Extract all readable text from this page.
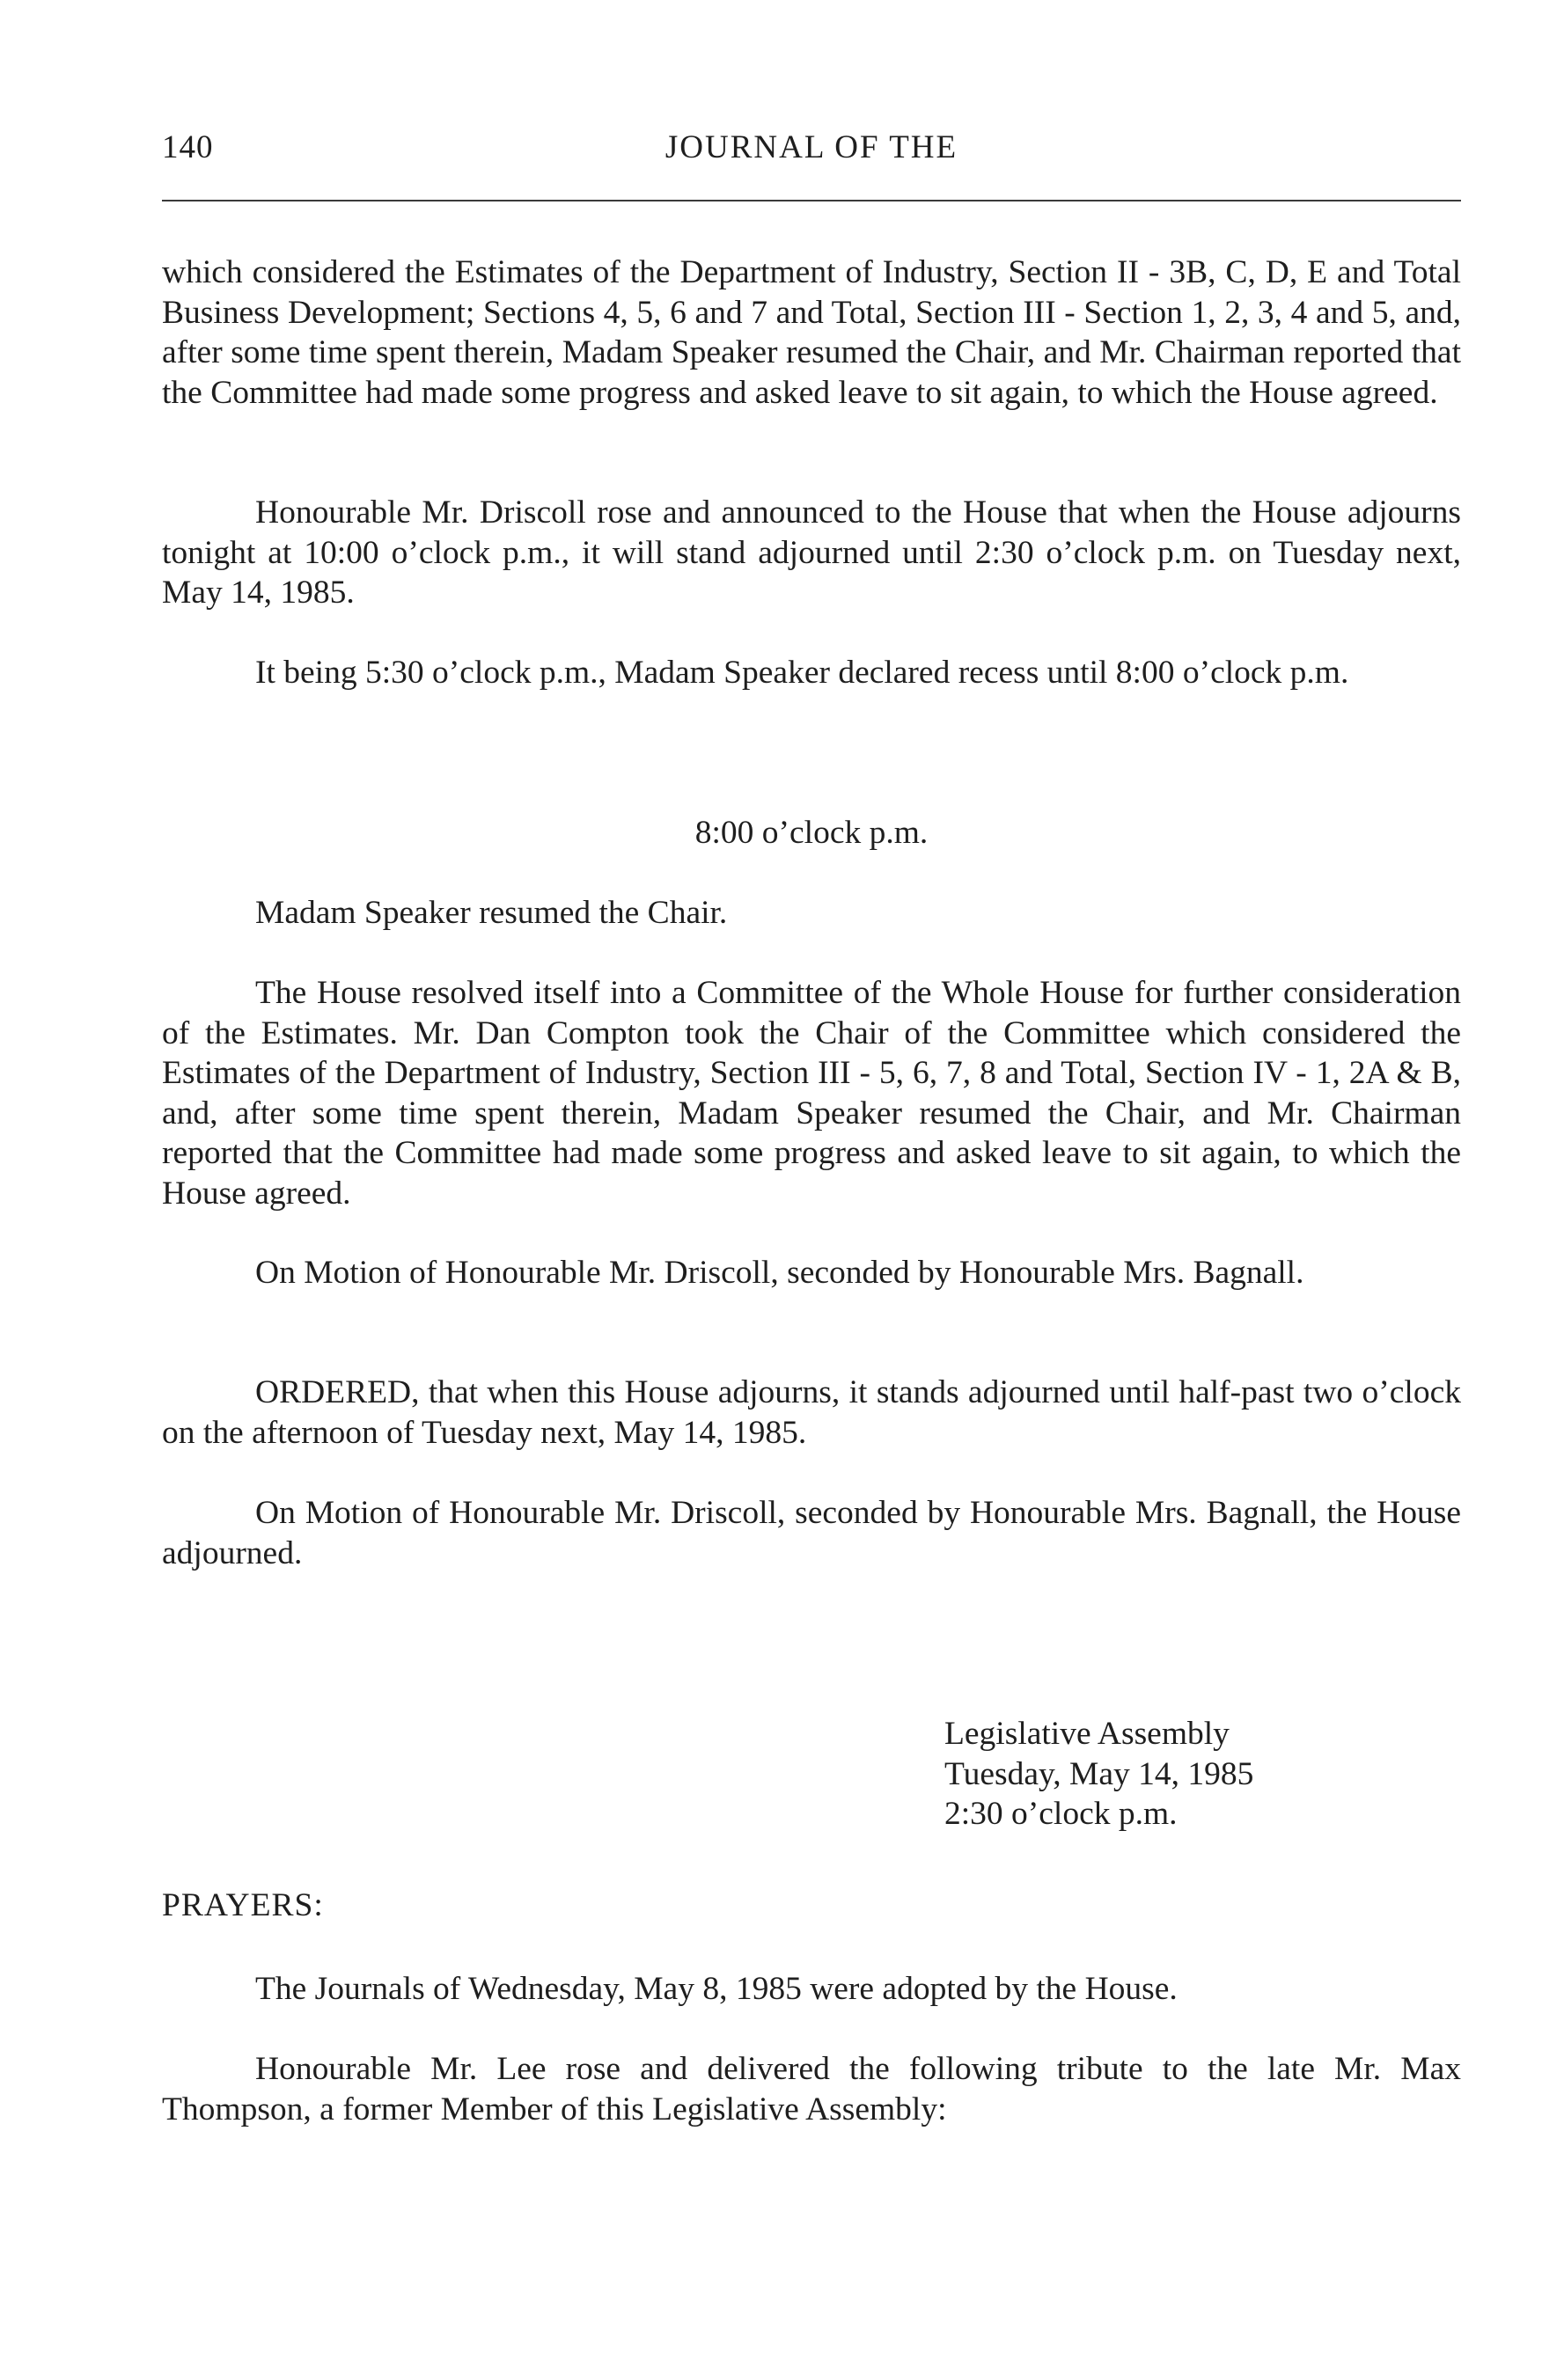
140	JOURNAL OF THE

which considered the Estimates of the Department of Industry, Section II - 3B, C, D, E and Total Business Development; Sections 4, 5, 6 and 7 and Total, Section III - Section 1, 2, 3, 4 and 5, and, after some time spent therein, Madam Speaker resumed the Chair, and Mr. Chairman reported that the Committee had made some progress and asked leave to sit again, to which the House agreed.

Honourable Mr. Driscoll rose and announced to the House that when the House adjourns tonight at 10:00 o’clock p.m., it will stand adjourned until 2:30 o’clock p.m. on Tuesday next, May 14, 1985.

It being 5:30 o’clock p.m., Madam Speaker declared recess until 8:00 o’clock p.m.

8:00 o’clock p.m.

Madam Speaker resumed the Chair.

The House resolved itself into a Committee of the Whole House for further consideration of the Estimates. Mr. Dan Compton took the Chair of the Committee which considered the Estimates of the Department of Industry, Section III - 5, 6, 7, 8 and Total, Section IV - 1, 2A & B, and, after some time spent therein, Madam Speaker resumed the Chair, and Mr. Chairman reported that the Committee had made some progress and asked leave to sit again, to which the House agreed.

On Motion of Honourable Mr. Driscoll, seconded by Honourable Mrs. Bagnall.

ORDERED, that when this House adjourns, it stands adjourned until half-past two o’clock on the afternoon of Tuesday next, May 14, 1985.

On Motion of Honourable Mr. Driscoll, seconded by Honourable Mrs. Bagnall, the House adjourned.

Legislative Assembly
Tuesday, May 14, 1985
2:30 o’clock p.m.

PRAYERS:

The Journals of Wednesday, May 8, 1985 were adopted by the House.

Honourable Mr. Lee rose and delivered the following tribute to the late Mr. Max Thompson, a former Member of this Legislative Assembly:
